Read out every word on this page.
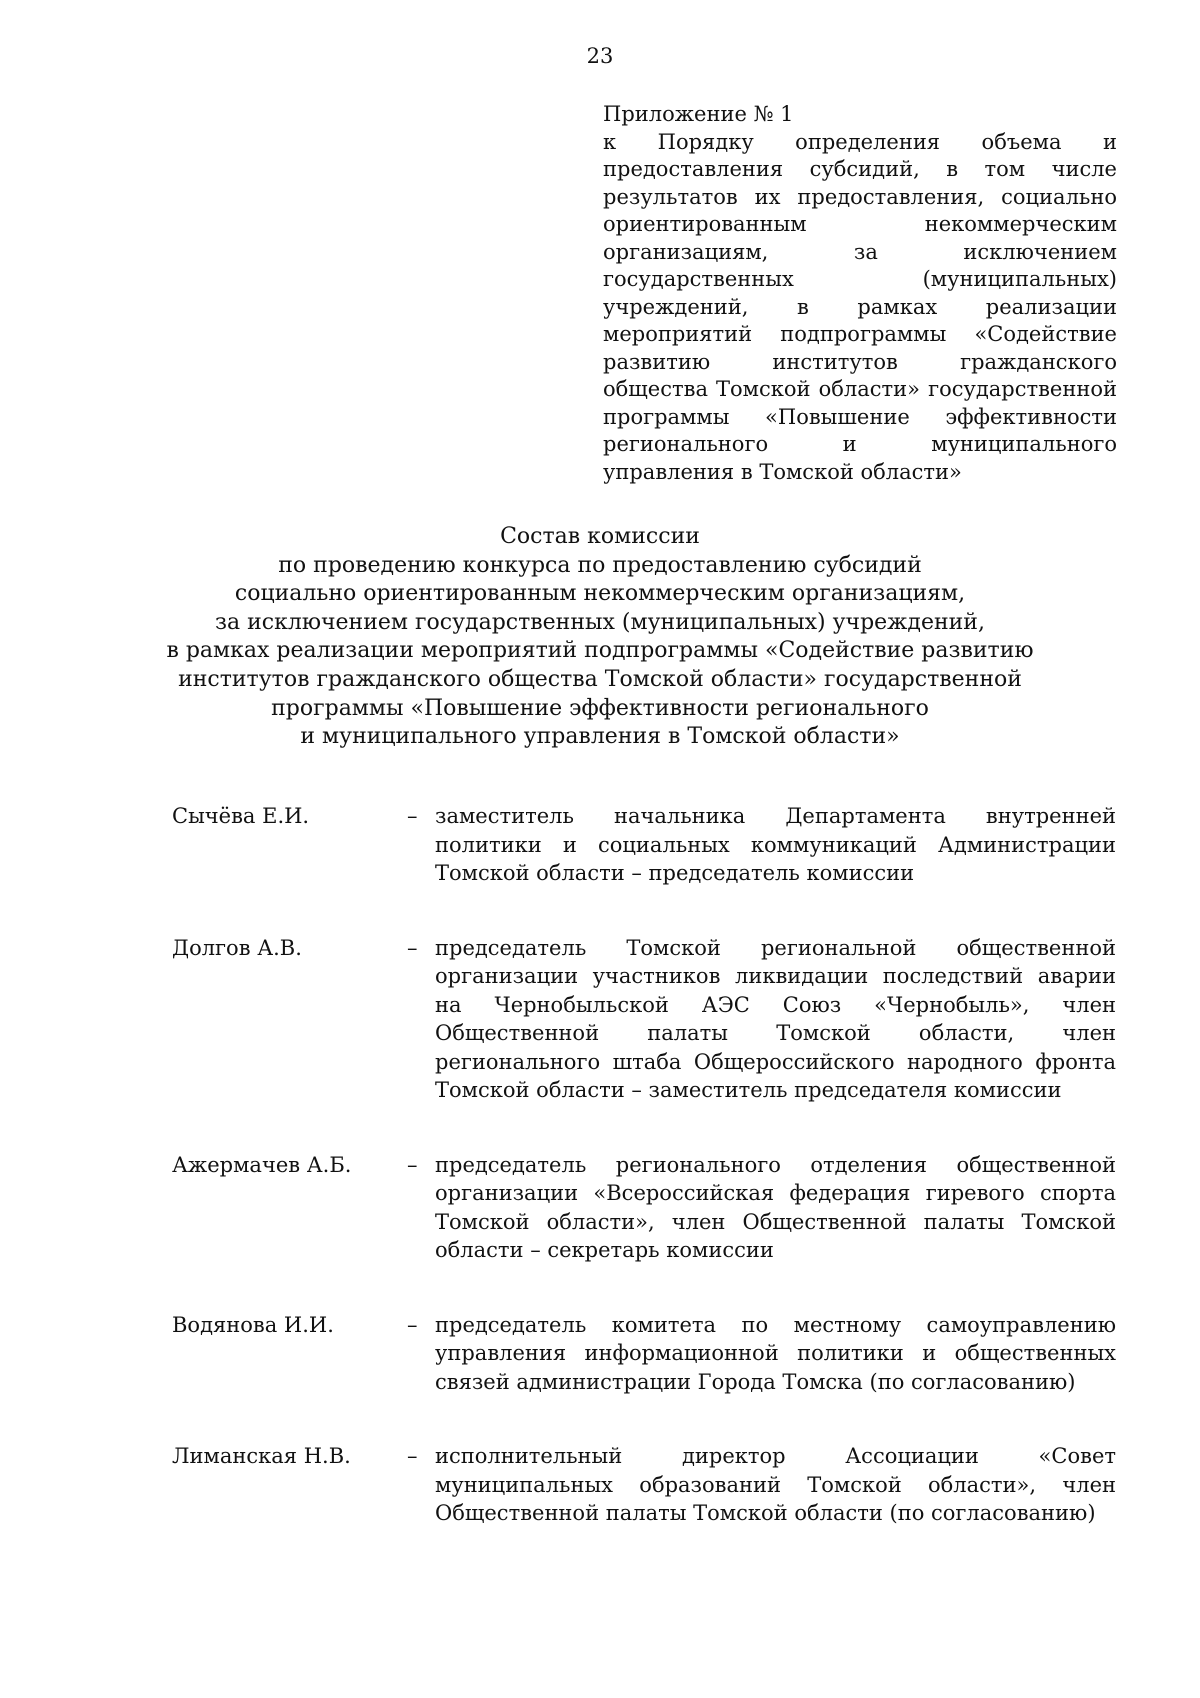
23
Приложение № 1
к Порядку определения объема и предоставления субсидий, в том числе результатов их предоставления, социально ориентированным некоммерческим организациям, за исключением государственных (муниципальных) учреждений, в рамках реализации мероприятий подпрограммы «Содействие развитию институтов гражданского общества Томской области» государственной программы «Повышение эффективности регионального и муниципального управления в Томской области»
Состав комиссии
по проведению конкурса по предоставлению субсидий
социально ориентированным некоммерческим организациям,
за исключением государственных (муниципальных) учреждений,
в рамках реализации мероприятий подпрограммы «Содействие развитию
институтов гражданского общества Томской области» государственной
программы «Повышение эффективности регионального
и муниципального управления в Томской области»
Сычёва Е.И.	– заместитель начальника Департамента внутренней политики и социальных коммуникаций Администрации Томской области – председатель комиссии
Долгов А.В.	– председатель Томской региональной общественной организации участников ликвидации последствий аварии на Чернобыльской АЭС Союз «Чернобыль», член Общественной палаты Томской области, член регионального штаба Общероссийского народного фронта Томской области – заместитель председателя комиссии
Ажермачев А.Б.	– председатель регионального отделения общественной организации «Всероссийская федерация гиревого спорта Томской области», член Общественной палаты Томской области – секретарь комиссии
Водянова И.И.	– председатель комитета по местному самоуправлению управления информационной политики и общественных связей администрации Города Томска (по согласованию)
Лиманская Н.В.	– исполнительный директор Ассоциации «Совет муниципальных образований Томской области», член Общественной палаты Томской области (по согласованию)
